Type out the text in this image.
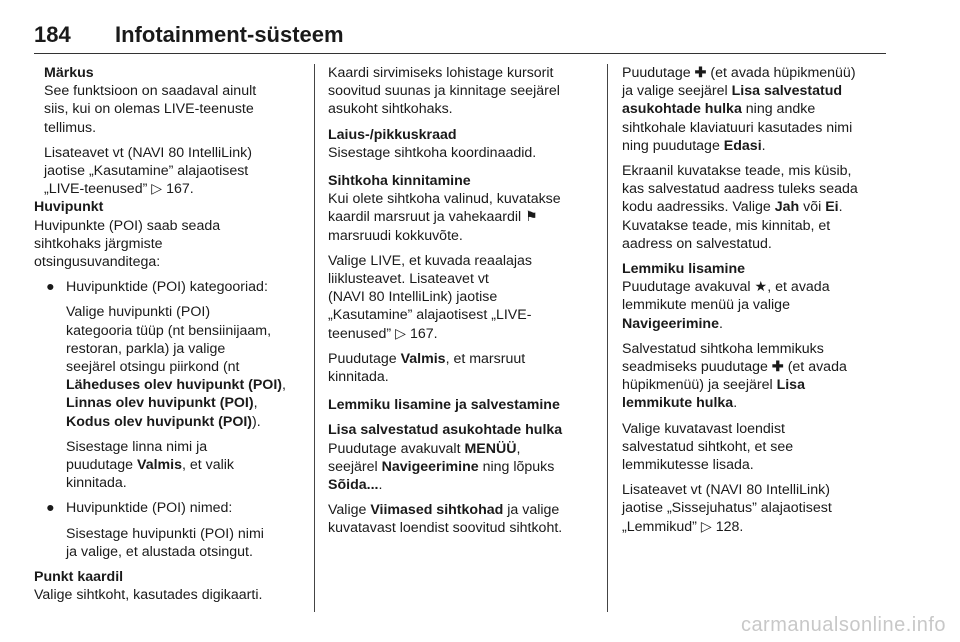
184 Infotainment-süsteem
Märkus
See funktsioon on saadaval ainult
siis, kui on olemas LIVE-teenuste
tellimus.
Lisateavet vt (NAVI 80 IntelliLink)
jaotise „Kasutamine” alajaotisest
„LIVE-teenused” ▷ 167.
Huvipunkt
Huvipunkte (POI) saab seada
sihtkohaks järgmiste
otsingusuvanditega:
● Huvipunktide (POI) kategooriad:
Valige huvipunkti (POI)
kategooria tüüp (nt bensiinijaam,
restoran, parkla) ja valige
seejärel otsingu piirkond (nt
Läheduses olev huvipunkt (POI),
Linnas olev huvipunkt (POI),
Kodus olev huvipunkt (POI)).
Sisestage linna nimi ja
puudutage Valmis, et valik
kinnitada.
● Huvipunktide (POI) nimed:
Sisestage huvipunkti (POI) nimi
ja valige, et alustada otsingut.
Punkt kaardil
Valige sihtkoht, kasutades digikaarti.
Kaardi sirvimiseks lohistage kursorit
soovitud suunas ja kinnitage seejärel
asukoht sihtkohaks.
Laius-/pikkuskraad
Sisestage sihtkoha koordinaadid.
Sihtkoha kinnitamine
Kui olete sihtkoha valinud, kuvatakse
kaardil marsruut ja vahekaardil ⚑
marsruudi kokkuvõte.
Valige LIVE, et kuvada reaalajas
liiklusteavet. Lisateavet vt
(NAVI 80 IntelliLink) jaotise
„Kasutamine” alajaotisest „LIVE-
teenused” ▷ 167.
Puudutage Valmis, et marsruut
kinnitada.
Lemmiku lisamine ja salvestamine
Lisa salvestatud asukohtade hulka
Puudutage avakuvalt MENÜÜ,
seejärel Navigeerimine ning lõpuks
Sõida....
Valige Viimased sihtkohad ja valige
kuvatavast loendist soovitud sihtkoht.
Puudutage ✚ (et avada hüpikmenüü)
ja valige seejärel Lisa salvestatud
asukohtade hulka ning andke
sihtkohale klaviatuuri kasutades nimi
ning puudutage Edasi.
Ekraanil kuvatakse teade, mis küsib,
kas salvestatud aadress tuleks seada
kodu aadressiks. Valige Jah või Ei.
Kuvatakse teade, mis kinnitab, et
aadress on salvestatud.
Lemmiku lisamine
Puudutage avakuval ★, et avada
lemmikute menüü ja valige
Navigeerimine.
Salvestatud sihtkoha lemmikuks
seadmiseks puudutage ✚ (et avada
hüpikmenüü) ja seejärel Lisa
lemmikute hulka.
Valige kuvatavast loendist
salvestatud sihtkoht, et see
lemmikutesse lisada.
Lisateavet vt (NAVI 80 IntelliLink)
jaotise „Sissejuhatus” alajaotisest
„Lemmikud” ▷ 128.
carmanualsonline.info
